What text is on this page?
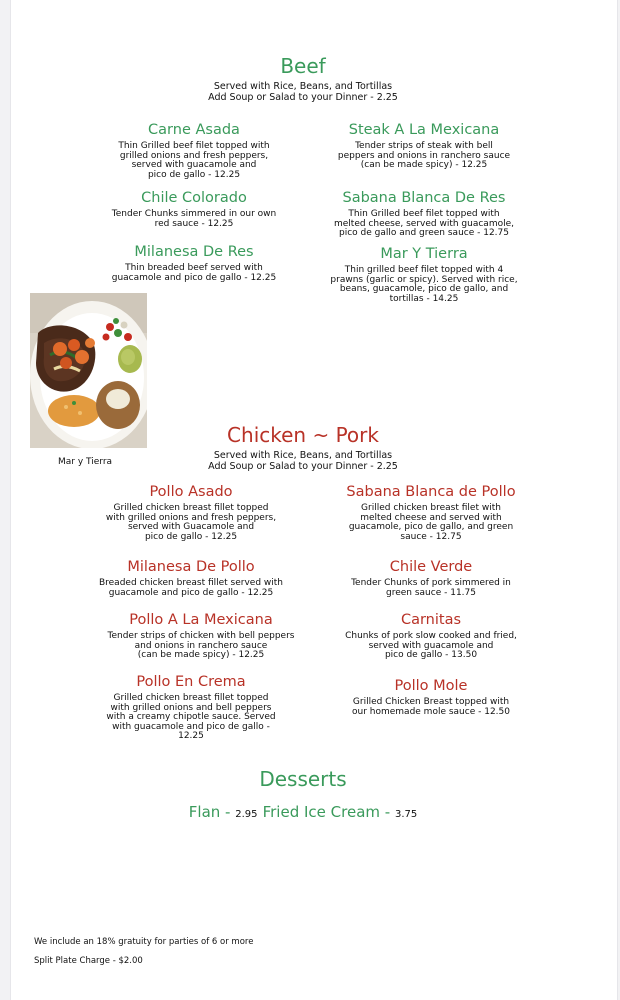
Beef
Served with Rice, Beans, and Tortillas
Add Soup or Salad to your Dinner - 2.25
Carne Asada
Thin Grilled beef filet topped with
grilled onions and fresh peppers,
served with guacamole and
pico de gallo - 12.25
Chile Colorado
Tender Chunks simmered in our own
red sauce - 12.25
Milanesa De Res
Thin breaded beef served with
guacamole and pico de gallo - 12.25
Steak A La Mexicana
Tender strips of steak with bell
peppers and onions in ranchero sauce
(can be made spicy) - 12.25
Sabana Blanca De Res
Thin Grilled beef filet topped with
melted cheese, served with guacamole,
pico de gallo and green sauce - 12.75
Mar Y Tierra
Thin grilled beef filet topped with 4
prawns (garlic or spicy). Served with rice,
beans, guacamole, pico de gallo, and
tortillas - 14.25
Mar y Tierra
Chicken ~ Pork
Served with Rice, Beans, and Tortillas
Add Soup or Salad to your Dinner - 2.25
Pollo Asado
Grilled chicken breast fillet topped
with grilled onions and fresh peppers,
served with Guacamole and
pico de gallo - 12.25
Milanesa De Pollo
Breaded chicken breast fillet served with
guacamole and pico de gallo - 12.25
Pollo A La Mexicana
Tender strips of chicken with bell peppers
and onions in ranchero sauce
(can be made spicy) - 12.25
Pollo En Crema
Grilled chicken breast fillet topped
with grilled onions and bell peppers
with a creamy chipotle sauce. Served
with guacamole and pico de gallo -
12.25
Sabana Blanca de Pollo
Grilled chicken breast filet with
melted cheese and served with
guacamole, pico de gallo, and green
sauce - 12.75
Chile Verde
Tender Chunks of pork simmered in
green sauce - 11.75
Carnitas
Chunks of pork slow cooked and fried,
served with guacamole and
pico de gallo - 13.50
Pollo Mole
Grilled Chicken Breast topped with
our homemade mole sauce - 12.50
Desserts
Flan - 2.95 Fried Ice Cream - 3.75
We include an 18% gratuity for parties of 6 or more
Split Plate Charge - $2.00
